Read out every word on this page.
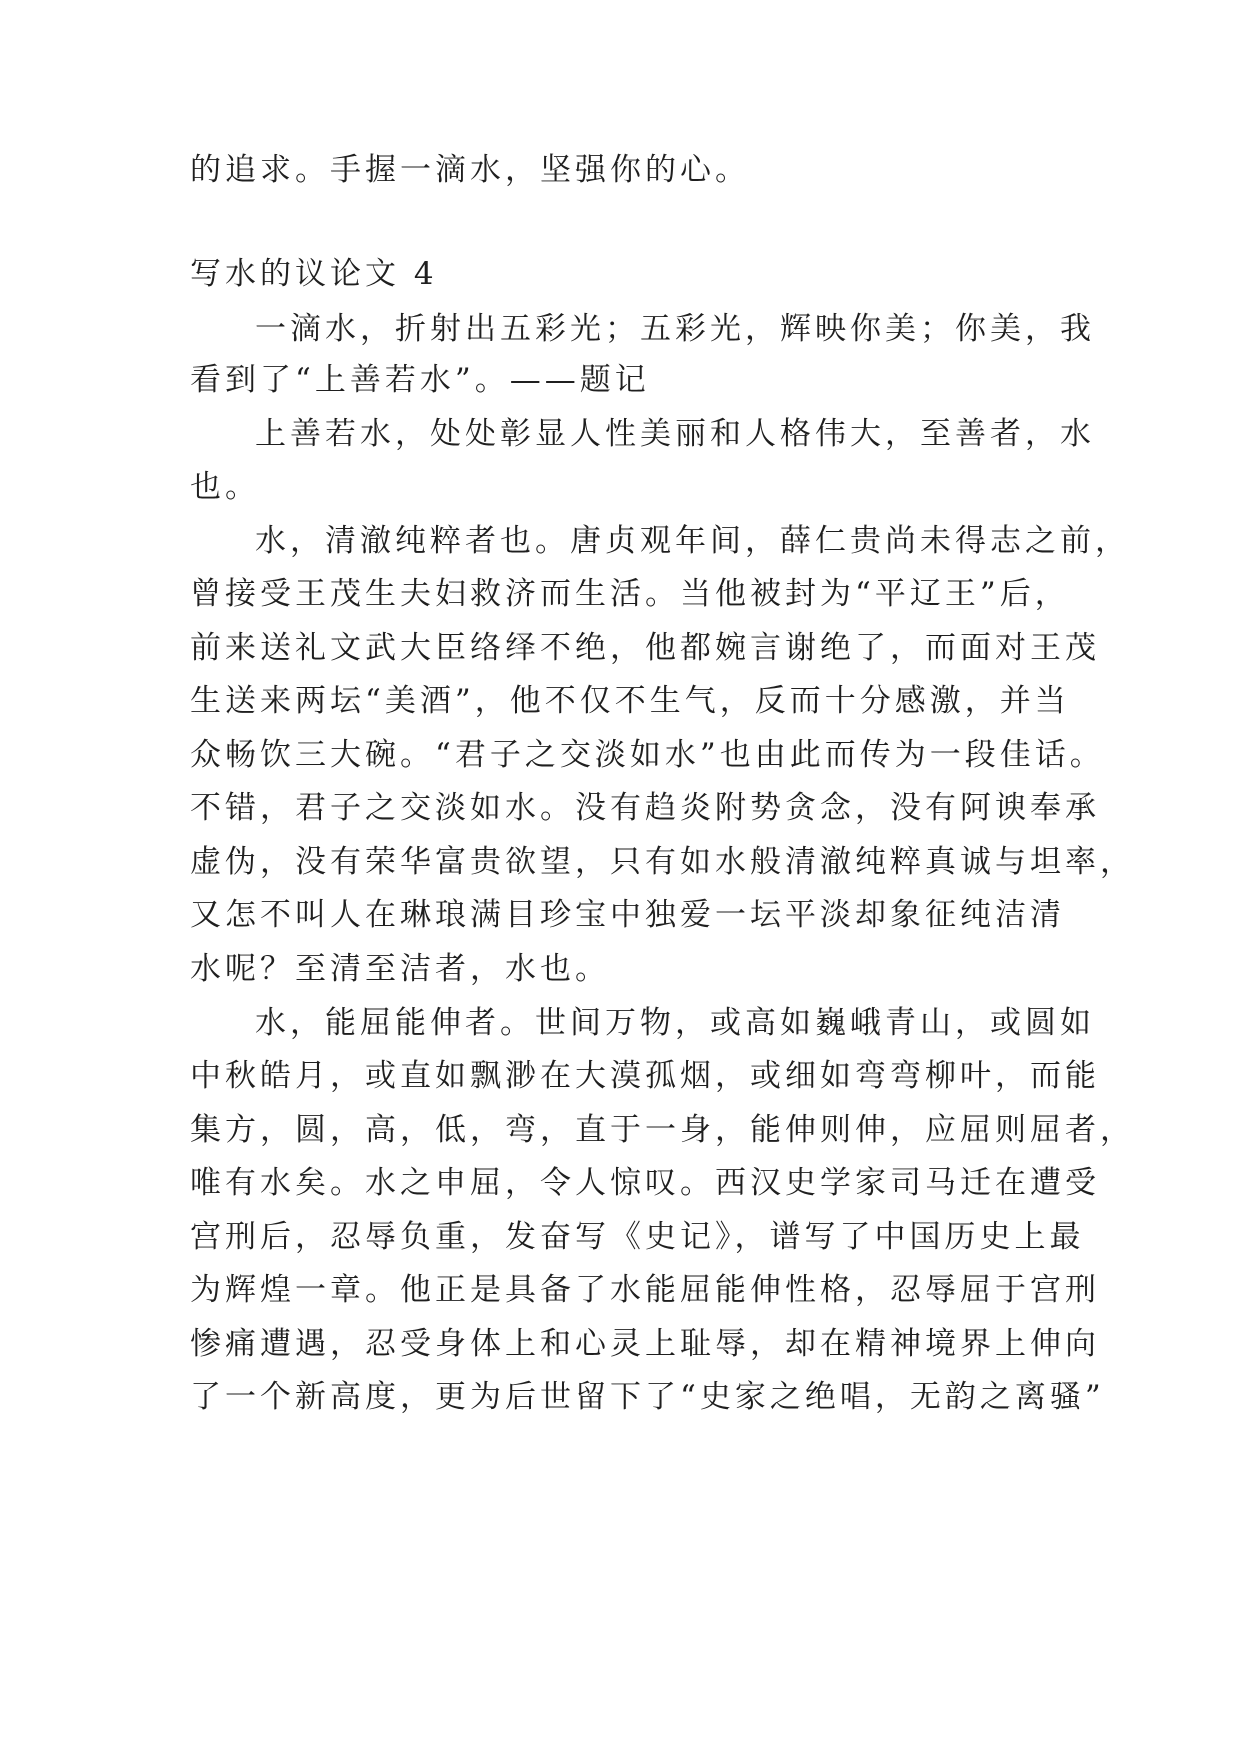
的追求。手握一滴水，坚强你的心。
写水的议论文 4
一滴水，折射出五彩光；五彩光，辉映你美；你美，我
看到了“上善若水”。——题记
上善若水，处处彰显人性美丽和人格伟大，至善者，水
也。
水，清澈纯粹者也。唐贞观年间，薛仁贵尚未得志之前，
曾接受王茂生夫妇救济而生活。当他被封为“平辽王”后，
前来送礼文武大臣络绎不绝，他都婉言谢绝了，而面对王茂
生送来两坛“美酒”，他不仅不生气，反而十分感激，并当
众畅饮三大碗。“君子之交淡如水”也由此而传为一段佳话。
不错，君子之交淡如水。没有趋炎附势贪念，没有阿谀奉承
虚伪，没有荣华富贵欲望，只有如水般清澈纯粹真诚与坦率，
又怎不叫人在琳琅满目珍宝中独爱一坛平淡却象征纯洁清
水呢？至清至洁者，水也。
水，能屈能伸者。世间万物，或高如巍峨青山，或圆如
中秋皓月，或直如飘渺在大漠孤烟，或细如弯弯柳叶，而能
集方，圆，高，低，弯，直于一身，能伸则伸，应屈则屈者，
唯有水矣。水之申屈，令人惊叹。西汉史学家司马迁在遭受
宫刑后，忍辱负重，发奋写《史记》，谱写了中国历史上最
为辉煌一章。他正是具备了水能屈能伸性格，忍辱屈于宫刑
惨痛遭遇，忍受身体上和心灵上耻辱，却在精神境界上伸向
了一个新高度，更为后世留下了“史家之绝唱，无韵之离骚”
